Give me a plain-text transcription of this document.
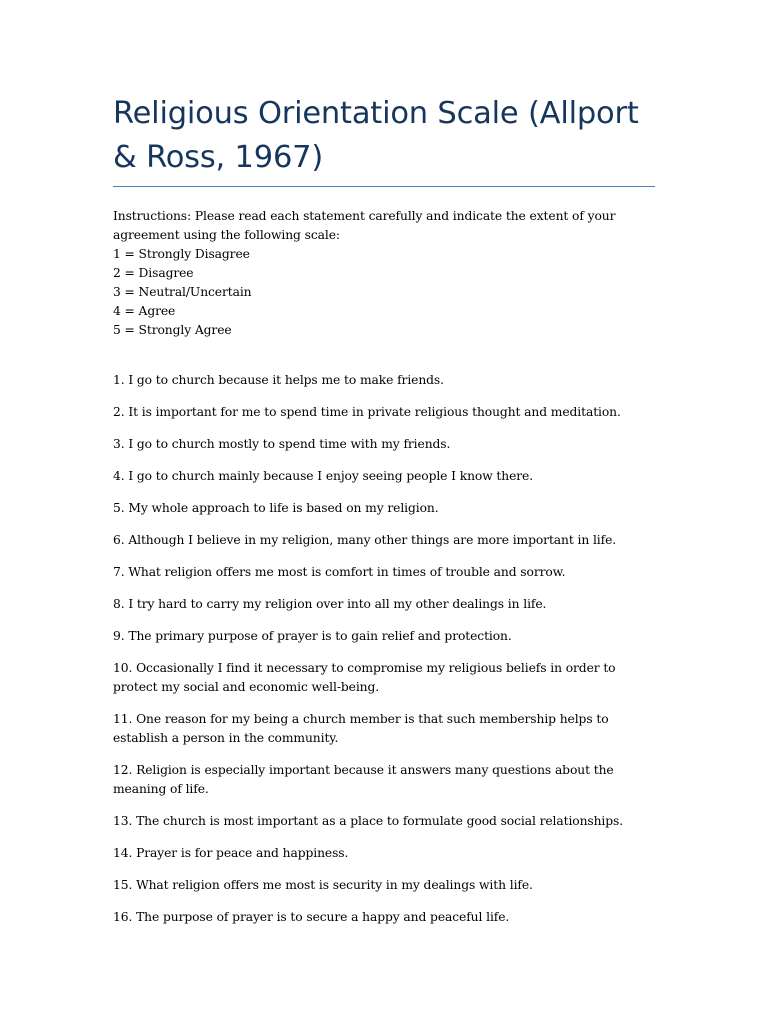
Religious Orientation Scale (Allport & Ross, 1967)
Instructions: Please read each statement carefully and indicate the extent of your
agreement using the following scale:
1 = Strongly Disagree
2 = Disagree
3 = Neutral/Uncertain
4 = Agree
5 = Strongly Agree
1. I go to church because it helps me to make friends.
2. It is important for me to spend time in private religious thought and meditation.
3. I go to church mostly to spend time with my friends.
4. I go to church mainly because I enjoy seeing people I know there.
5. My whole approach to life is based on my religion.
6. Although I believe in my religion, many other things are more important in life.
7. What religion offers me most is comfort in times of trouble and sorrow.
8. I try hard to carry my religion over into all my other dealings in life.
9. The primary purpose of prayer is to gain relief and protection.
10. Occasionally I find it necessary to compromise my religious beliefs in order to protect my social and economic well-being.
11. One reason for my being a church member is that such membership helps to establish a person in the community.
12. Religion is especially important because it answers many questions about the meaning of life.
13. The church is most important as a place to formulate good social relationships.
14. Prayer is for peace and happiness.
15. What religion offers me most is security in my dealings with life.
16. The purpose of prayer is to secure a happy and peaceful life.
